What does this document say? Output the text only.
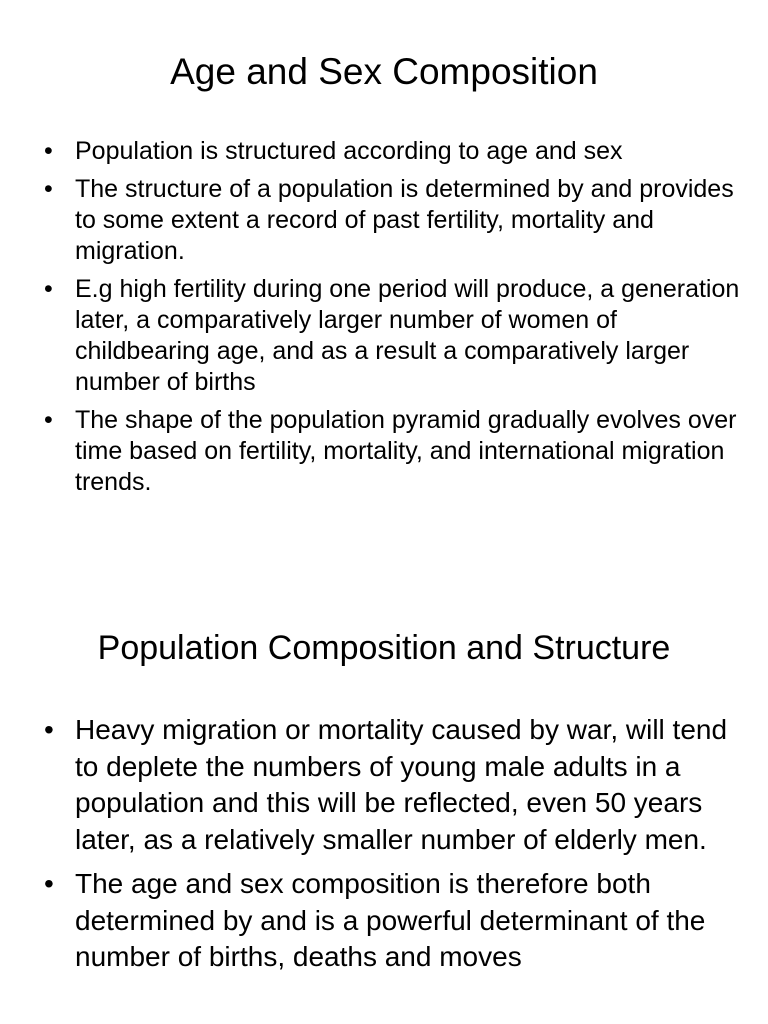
Age and Sex Composition
• Population is structured according to age and sex
• The structure of a population is determined by and provides to some extent a record of past fertility, mortality and migration.
• E.g high fertility during one period will produce, a generation later, a comparatively larger number of women of childbearing age, and as a result a comparatively larger number of births
• The shape of the population pyramid gradually evolves over time based on fertility, mortality, and international migration trends.
Population Composition and Structure
• Heavy migration or mortality caused by war, will tend to deplete the numbers of young male adults in a population and this will be reflected, even 50 years later, as a relatively smaller number of elderly men.
• The age and sex composition is therefore both determined by and is a powerful determinant of the number of births, deaths and moves
